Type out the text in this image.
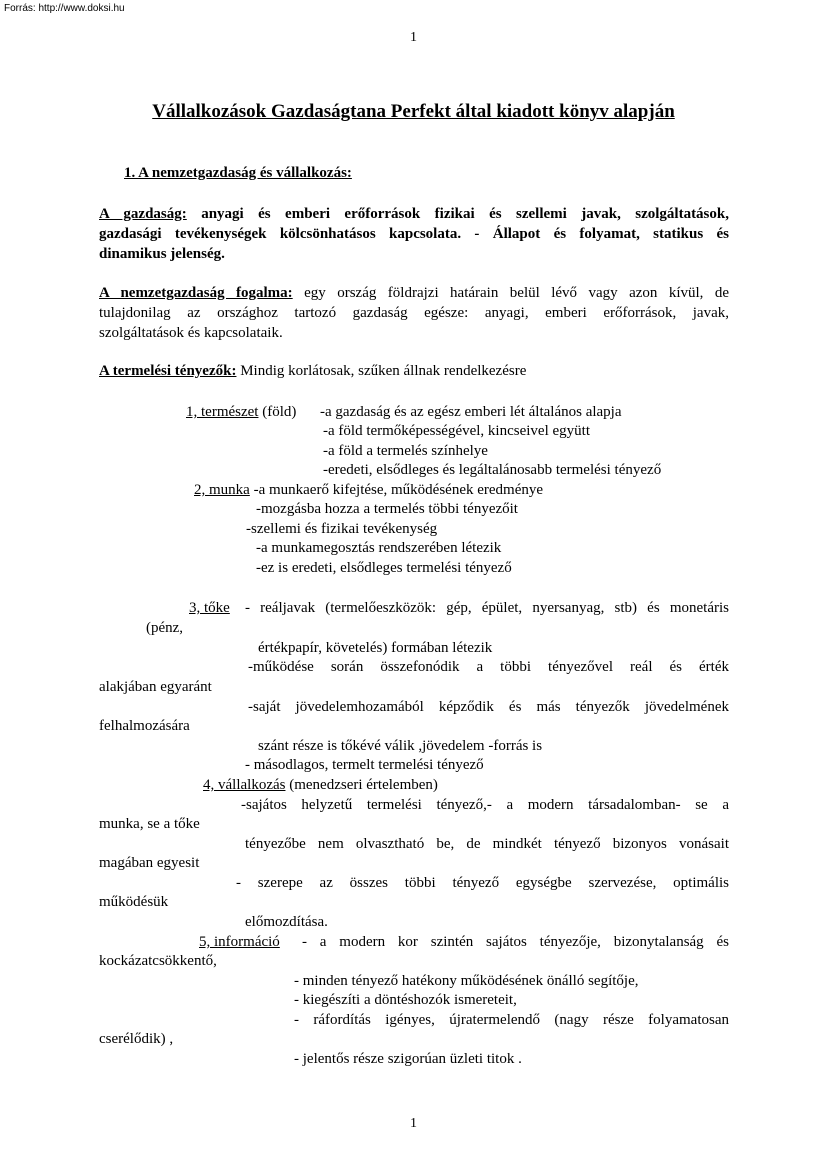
Forrás: http://www.doksi.hu
1
Vállalkozások Gazdaságtana Perfekt által kiadott könyv alapján
1. A nemzetgazdaság és vállalkozás:
A gazdaság: anyagi és emberi erőforrások fizikai és szellemi javak, szolgáltatások,
gazdasági tevékenységek kölcsönhatásos kapcsolata. - Állapot és folyamat, statikus és
dinamikus jelenség.
A nemzetgazdaság fogalma: egy ország földrajzi határain belül lévő vagy azon kívül, de
tulajdonilag az országhoz tartozó gazdaság egésze: anyagi, emberi erőforrások, javak,
szolgáltatások és kapcsolataik.
A termelési tényezők: Mindig korlátosak, szűken állnak rendelkezésre
1, természet (föld) -a gazdaság és az egész emberi lét általános alapja
-a föld termőképességével, kincseivel együtt
-a föld a termelés színhelye
-eredeti, elsődleges és legáltalánosabb termelési tényező
2, munka -a munkaerő kifejtése, működésének eredménye
-mozgásba hozza a termelés többi tényezőit
-szellemi és fizikai tevékenység
-a munkamegosztás rendszerében létezik
-ez is eredeti, elsődleges termelési tényező
3, tőke - reáljavak (termelőeszközök: gép, épület, nyersanyag, stb) és monetáris
(pénz,
értékpapír, követelés) formában létezik
-működése során összefonódik a többi tényezővel reál és érték
alakjában egyaránt
-saját jövedelemhozamából képződik és más tényezők jövedelmének
felhalmozására
szánt része is tőkévé válik ,jövedelem -forrás is
- másodlagos, termelt termelési tényező
4, vállalkozás (menedzseri értelemben)
-sajátos helyzetű termelési tényező,- a modern társadalomban- se a
munka, se a tőke
tényezőbe nem olvasztható be, de mindkét tényező bizonyos vonásait
magában egyesit
- szerepe az összes többi tényező egységbe szervezése, optimális
működésük
előmozdítása.
5, információ - a modern kor szintén sajátos tényezője, bizonytalanság és
kockázatcsökkentő,
- minden tényező hatékony működésének önálló segítője,
- kiegészíti a döntéshozók ismereteit,
- ráfordítás igényes, újratermelendő (nagy része folyamatosan
cserélődik) ,
- jelentős része szigorúan üzleti titok .
1
